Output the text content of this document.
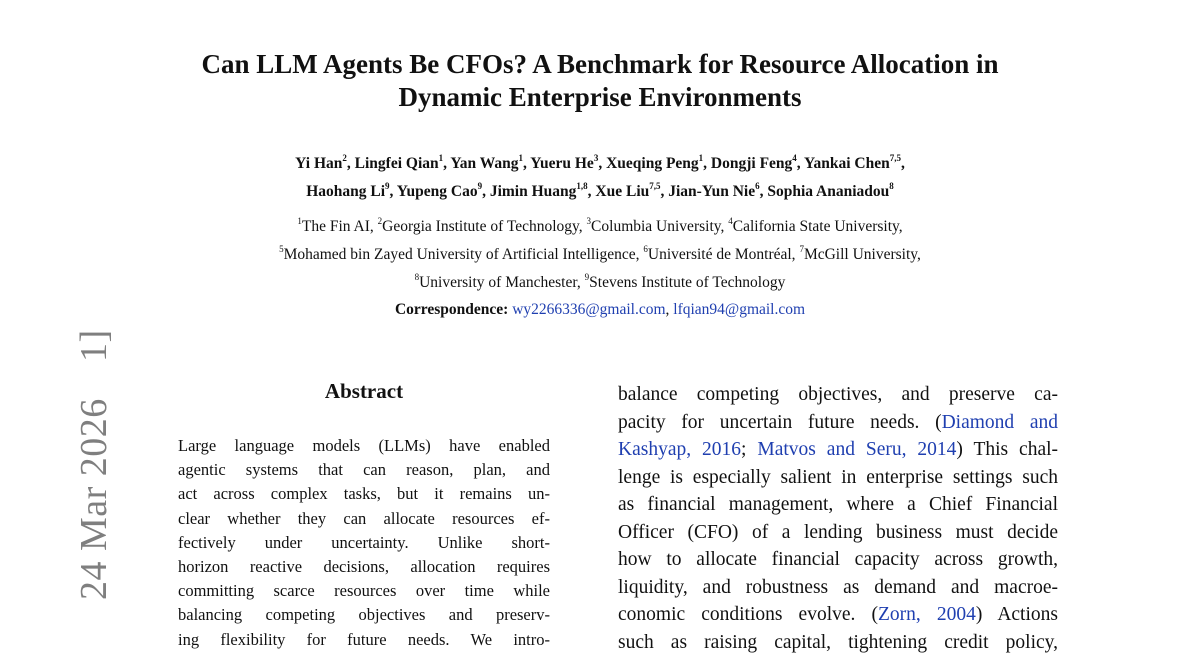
24 Mar 2026
1]
Can LLM Agents Be CFOs? A Benchmark for Resource Allocation in
Dynamic Enterprise Environments
Yi Han$^2$, Lingfei Qian$^1$, Yan Wang$^1$, Yueru He$^3$, Xueqing Peng$^1$, Dongji Feng$^4$, Yankai Chen$^{7,5}$,
Haohang Li$^9$, Yupeng Cao$^9$, Jimin Huang$^{1,8}$, Xue Liu$^{7,5}$, Jian-Yun Nie$^6$, Sophia Ananiadou$^8$
$^1$The Fin AI, $^2$Georgia Institute of Technology, $^3$Columbia University, $^4$California State University,
$^5$Mohamed bin Zayed University of Artificial Intelligence, $^6$Université de Montréal, $^7$McGill University,
$^8$University of Manchester, $^9$Stevens Institute of Technology
Correspondence: wy2266336@gmail.com, lfqian94@gmail.com
Abstract
Large language models (LLMs) have enabled
agentic systems that can reason, plan, and
act across complex tasks, but it remains un-
clear whether they can allocate resources ef-
fectively under uncertainty. Unlike short-
horizon reactive decisions, allocation requires
committing scarce resources over time while
balancing competing objectives and preserv-
ing flexibility for future needs. We intro-
balance competing objectives, and preserve ca-
pacity for uncertain future needs. (Diamond and
Kashyap, 2016; Matvos and Seru, 2014) This chal-
lenge is especially salient in enterprise settings such
as financial management, where a Chief Financial
Officer (CFO) of a lending business must decide
how to allocate financial capacity across growth,
liquidity, and robustness as demand and macroe-
conomic conditions evolve. (Zorn, 2004) Actions
such as raising capital, tightening credit policy,
